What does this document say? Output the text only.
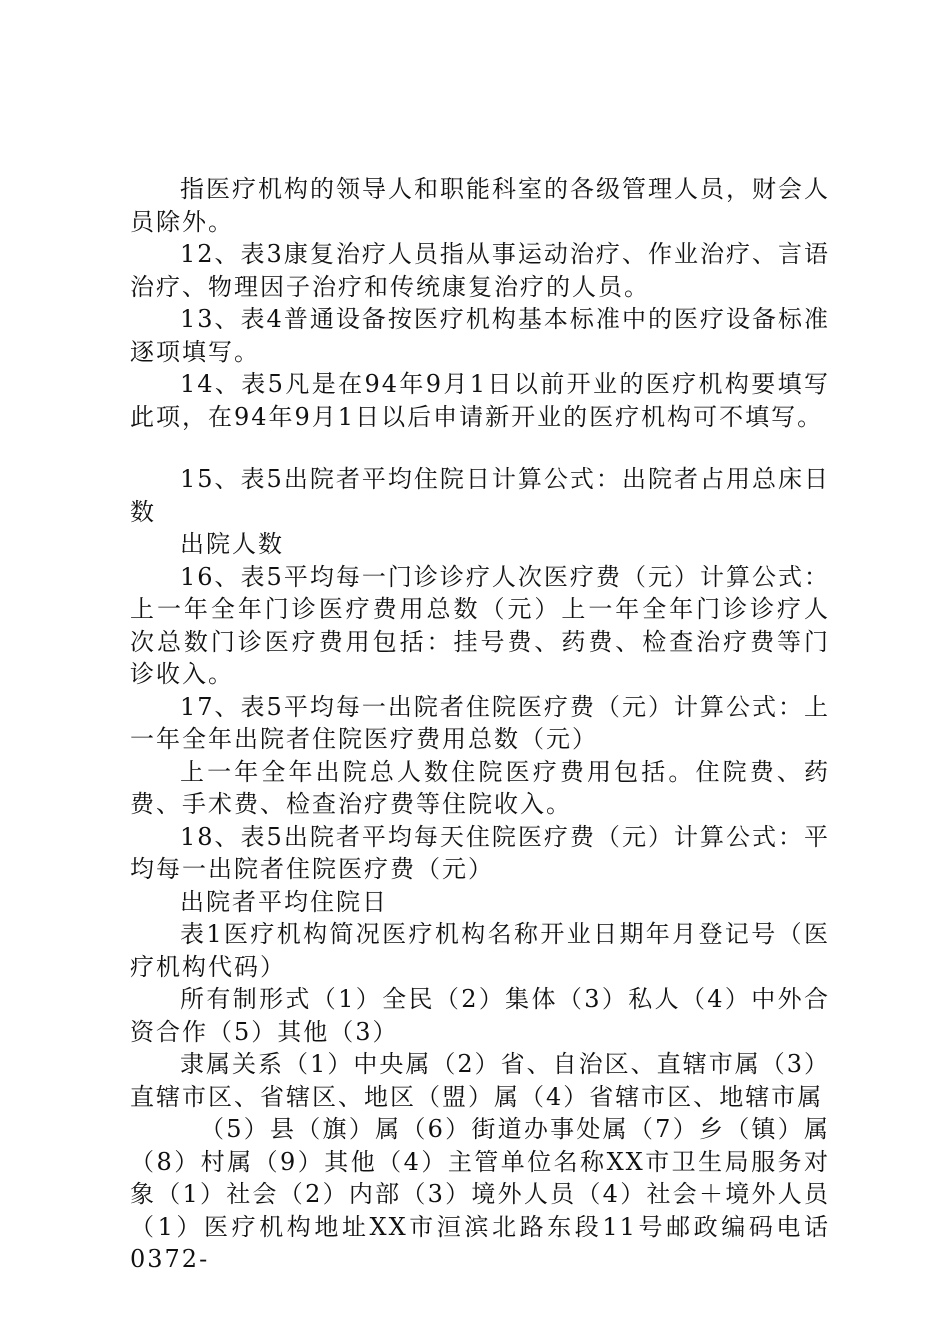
指医疗机构的领导人和职能科室的各级管理人员，财会人员除外。

12、表3康复治疗人员指从事运动治疗、作业治疗、言语治疗、物理因子治疗和传统康复治疗的人员。

13、表4普通设备按医疗机构基本标准中的医疗设备标准逐项填写。

14、表5凡是在94年9月1日以前开业的医疗机构要填写此项，在94年9月1日以后申请新开业的医疗机构可不填写。

15、表5出院者平均住院日计算公式：出院者占用总床日数

出院人数

16、表5平均每一门诊诊疗人次医疗费（元）计算公式：上一年全年门诊医疗费用总数（元）上一年全年门诊诊疗人次总数门诊医疗费用包括：挂号费、药费、检查治疗费等门诊收入。

17、表5平均每一出院者住院医疗费（元）计算公式：上一年全年出院者住院医疗费用总数（元）

上一年全年出院总人数住院医疗费用包括。住院费、药费、手术费、检查治疗费等住院收入。

18、表5出院者平均每天住院医疗费（元）计算公式：平均每一出院者住院医疗费（元）

出院者平均住院日

表1医疗机构简况医疗机构名称开业日期年月登记号（医疗机构代码）

所有制形式（1）全民（2）集体（3）私人（4）中外合资合作（5）其他（3）

隶属关系（1）中央属（2）省、自治区、直辖市属（3）直辖市区、省辖区、地区（盟）属（4）省辖市区、地辖市属

（5）县（旗）属（6）街道办事处属（7）乡（镇）属（8）村属（9）其他（4）主管单位名称XX市卫生局服务对象（1）社会（2）内部（3）境外人员（4）社会＋境外人员（1）医疗机构地址XX市洹滨北路东段11号邮政编码电话0372-
